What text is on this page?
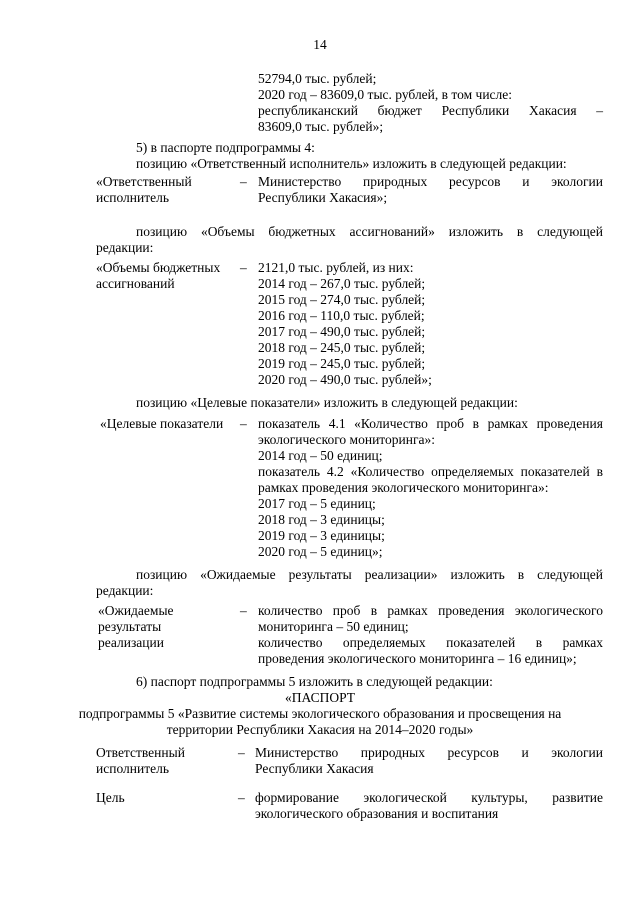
14
52794,0 тыс. рублей;
2020 год – 83609,0 тыс. рублей, в том числе:
республиканский бюджет Республики Хакасия –
83609,0 тыс. рублей»;
5) в паспорте подпрограммы 4:
позицию «Ответственный исполнитель» изложить в следующей редакции:
«Ответственный	– Министерство природных ресурсов и экологии
исполнитель	Республики Хакасия»;
позицию «Объемы бюджетных ассигнований» изложить в следующей
редакции:
«Объемы бюджетных –
ассигнований
2121,0 тыс. рублей, из них:
2014 год – 267,0 тыс. рублей;
2015 год – 274,0 тыс. рублей;
2016 год – 110,0 тыс. рублей;
2017 год – 490,0 тыс. рублей;
2018 год – 245,0 тыс. рублей;
2019 год – 245,0 тыс. рублей;
2020 год – 490,0 тыс. рублей»;
позицию «Целевые показатели» изложить в следующей редакции:
«Целевые показатели – показатель 4.1 «Количество проб в рамках проведения
экологического мониторинга»:
2014 год – 50 единиц;
показатель 4.2 «Количество определяемых показателей в
рамках проведения экологического мониторинга»:
2017 год – 5 единиц;
2018 год – 3 единицы;
2019 год – 3 единицы;
2020 год – 5 единиц»;
позицию «Ожидаемые результаты реализации» изложить в следующей
редакции:
«Ожидаемые
результаты
реализации
– количество проб в рамках проведения экологического
мониторинга – 50 единиц;
количество определяемых показателей в рамках
проведения экологического мониторинга – 16 единиц»;
6) паспорт подпрограммы 5 изложить в следующей редакции:
«ПАСПОРТ
подпрограммы 5 «Развитие системы экологического образования и просвещения на
территории Республики Хакасия на 2014–2020 годы»
Ответственный
исполнитель
– Министерство природных ресурсов и экологии
Республики Хакасия
Цель	– формирование экологической культуры, развитие
экологического образования и воспитания
